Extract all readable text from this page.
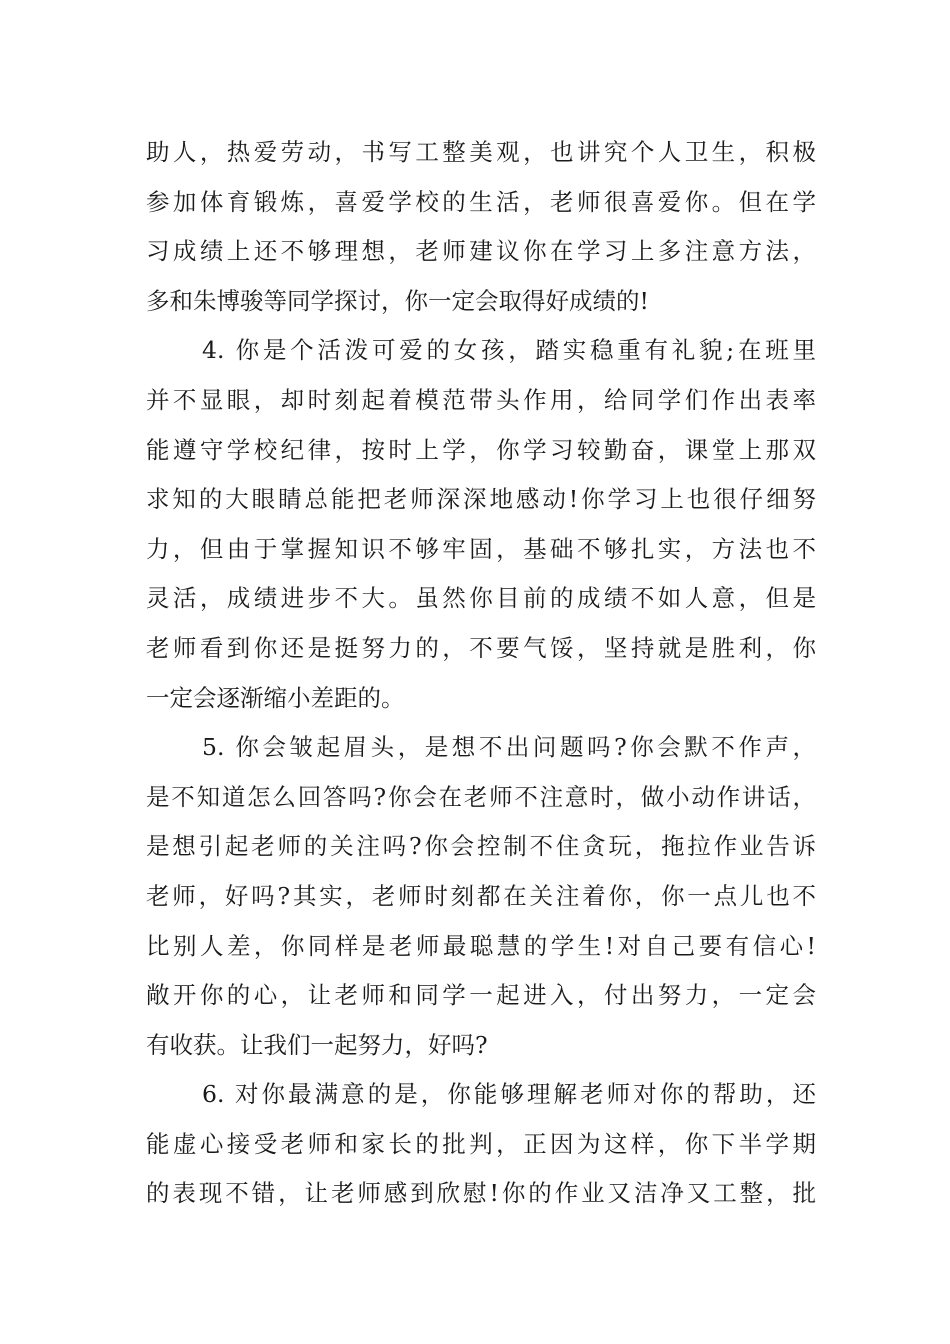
助人，热爱劳动，书写工整美观，也讲究个人卫生，积极
参加体育锻炼，喜爱学校的生活，老师很喜爱你。但在学
习成绩上还不够理想，老师建议你在学习上多注意方法，
多和朱博骏等同学探讨，你一定会取得好成绩的!
4. 你是个活泼可爱的女孩，踏实稳重有礼貌;在班里
并不显眼，却时刻起着模范带头作用，给同学们作出表率
能遵守学校纪律，按时上学，你学习较勤奋，课堂上那双
求知的大眼睛总能把老师深深地感动!你学习上也很仔细努
力，但由于掌握知识不够牢固，基础不够扎实，方法也不
灵活，成绩进步不大。虽然你目前的成绩不如人意，但是
老师看到你还是挺努力的，不要气馁，坚持就是胜利，你
一定会逐渐缩小差距的。
5. 你会皱起眉头，是想不出问题吗?你会默不作声，
是不知道怎么回答吗?你会在老师不注意时，做小动作讲话，
是想引起老师的关注吗?你会控制不住贪玩，拖拉作业告诉
老师，好吗?其实，老师时刻都在关注着你，你一点儿也不
比别人差，你同样是老师最聪慧的学生!对自己要有信心!
敞开你的心，让老师和同学一起进入，付出努力，一定会
有收获。让我们一起努力，好吗?
6. 对你最满意的是，你能够理解老师对你的帮助，还
能虚心接受老师和家长的批判，正因为这样，你下半学期
的表现不错，让老师感到欣慰!你的作业又洁净又工整，批
